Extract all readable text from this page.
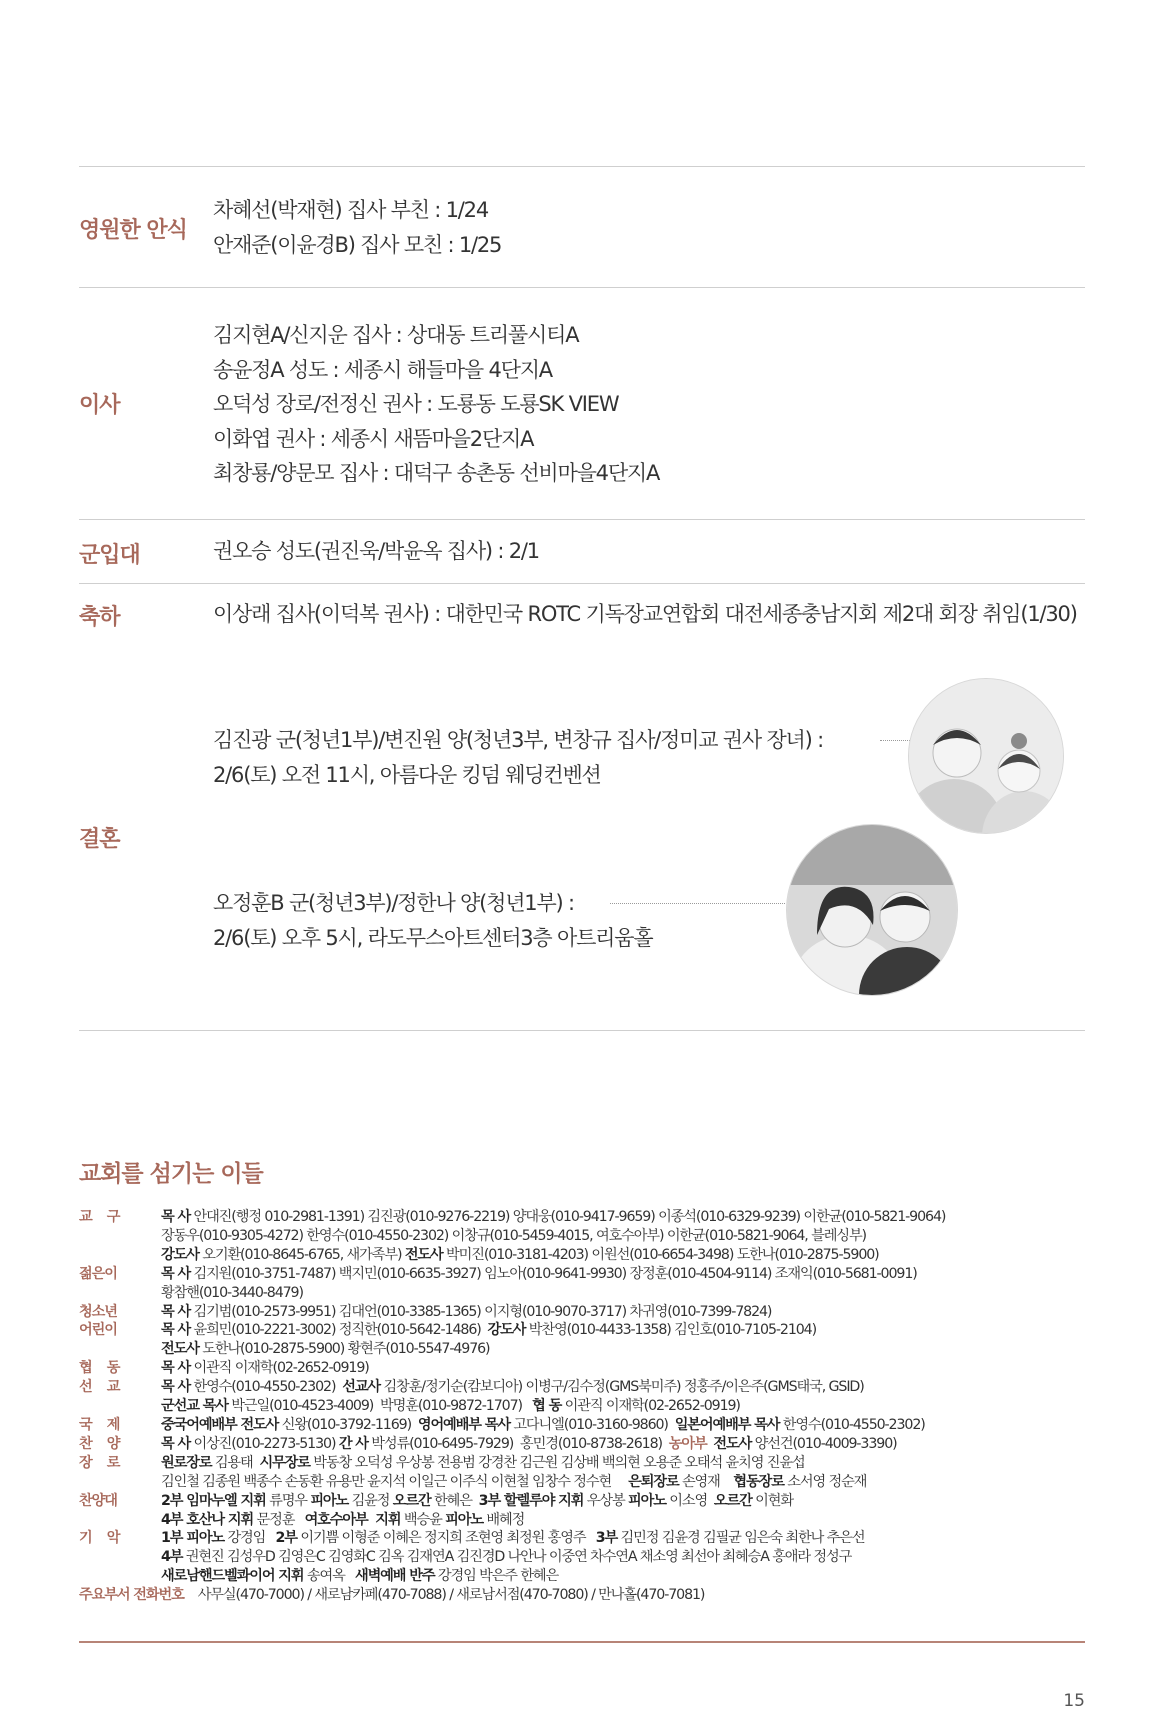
영원한 안식
차혜선(박재현) 집사 부친 : 1/24
안재준(이윤경B) 집사 모친 : 1/25
이사
김지현A/신지운 집사 : 상대동 트리풀시티A
송윤정A 성도 : 세종시 해들마을 4단지A
오덕성 장로/전정신 권사 : 도룡동 도룡SK VIEW
이화엽 권사 : 세종시 새뜸마을2단지A
최창룡/양문모 집사 : 대덕구 송촌동 선비마을4단지A
군입대	권오승 성도(권진욱/박윤옥 집사) : 2/1
축하	이상래 집사(이덕복 권사) : 대한민국 ROTC 기독장교연합회 대전세종충남지회 제2대 회장 취임(1/30)
결혼
김진광 군(청년1부)/변진원 양(청년3부, 변창규 집사/정미교 권사 장녀) :
2/6(토) 오전 11시, 아름다운 킹덤 웨딩컨벤션
오정훈B 군(청년3부)/정한나 양(청년1부) :
2/6(토) 오후 5시, 라도무스아트센터3층 아트리움홀
교회를 섬기는 이들
교구	목 사 안대진(행정 010-2981-1391) 김진광(010-9276-2219) 양대웅(010-9417-9659) 이종석(010-6329-9239) 이한균(010-5821-9064)
장동우(010-9305-4272) 한영수(010-4550-2302) 이창규(010-5459-4015, 여호수아부) 이한균(010-5821-9064, 블레싱부)
강도사 오기환(010-8645-6765, 새가족부) 전도사 박미진(010-3181-4203) 이원선(010-6654-3498) 도한나(010-2875-5900)
젊은이	목 사 김지원(010-3751-7487) 백지민(010-6635-3927) 임노아(010-9641-9930) 장정훈(010-4504-9114) 조재익(010-5681-0091)
황참핸(010-3440-8479)
청소년	목 사 김기범(010-2573-9951) 김대언(010-3385-1365) 이지형(010-9070-3717) 차귀영(010-7399-7824)
어린이	목 사 윤희민(010-2221-3002) 정직한(010-5642-1486)  강도사 박찬영(010-4433-1358) 김인호(010-7105-2104)
전도사 도한나(010-2875-5900) 황현주(010-5547-4976)
협동	목 사 이관직 이재학(02-2652-0919)
선교	목 사 한영수(010-4550-2302)  선교사 김창훈/정기순(캄보디아) 이병구/김수정(GMS북미주) 정홍주/이은주(GMS태국, GSID)
군선교 목사 박근일(010-4523-4009)  박명훈(010-9872-1707)   협 동 이관직 이재학(02-2652-0919)
국제	중국어예배부 전도사 신왕(010-3792-1169)  영어예배부 목사 고다니엘(010-3160-9860)  일본어예배부 목사 한영수(010-4550-2302)
찬양	목 사 이상진(010-2273-5130) 간 사 박성류(010-6495-7929)  홍민경(010-8738-2618)  농아부 전도사 양선건(010-4009-3390)
장로	원로장로 김용태  시무장로 박동창 오덕성 우상봉 전용범 강경찬 김근원 김상배 백의현 오용준 오태석 윤치영 진윤섭
김인철 김종원 백종수 손동환 유용만 윤지석 이일근 이주식 이현철 임창수 정수현     은퇴장로 손영재    협동장로 소서영 정순재
찬양대	2부 임마누엘 지휘 류명우 피아노 김윤정 오르간 한혜은  3부 할렐루야 지휘 우상봉 피아노 이소영  오르간 이현화
4부 호산나 지휘 문정훈   여호수아부  지휘 백승윤 피아노 배혜정
기악	1부 피아노 강경임   2부 이기쁨 이형준 이혜은 정지희 조현영 최정원 홍영주   3부 김민정 김윤경 김필균 임은숙 최한나 추은선
4부 권현진 김성우D 김영은C 김영화C 김옥 김재연A 김진경D 나안나 이중연 차수연A 채소영 최선아 최혜승A 홍애라 정성구
새로남핸드벨콰이어 지휘 송여옥   새벽예배 반주 강경임 박은주 한혜은
주요부서 전화번호 사무실(470-7000) / 새로남카페(470-7088) / 새로남서점(470-7080) / 만나홀(470-7081)
15
